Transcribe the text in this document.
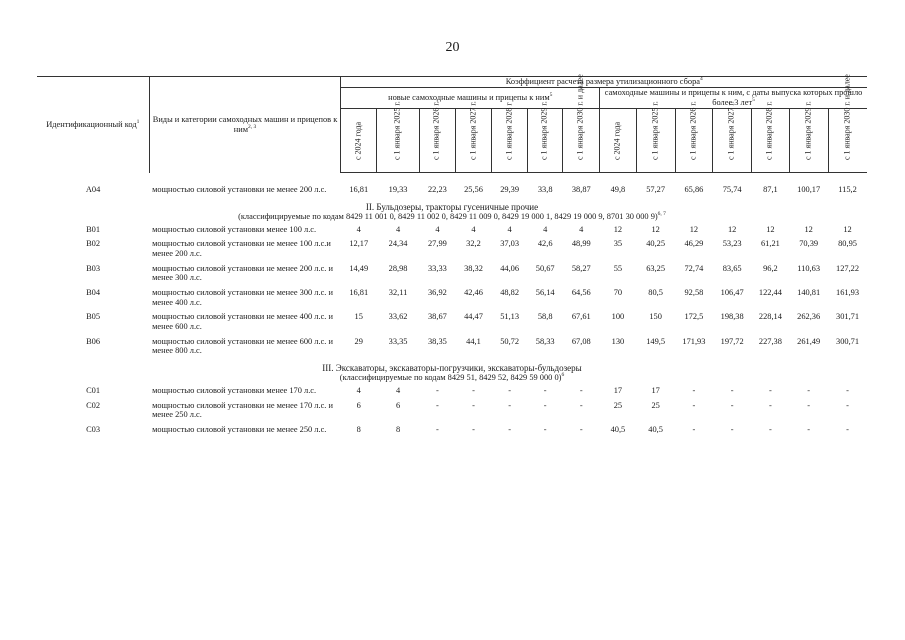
20
Идентификационный код$^1$	Виды и категории самоходных машин и прицепов к ним$^{2, 3}$	Коэффициент расчета размера утилизационного сбора$^4$
		новые самоходные машины и прицепы к ним$^5$							самоходные машины и прицепы к ним, с даты выпуска которых прошло более 3 лет$^5$

		с 2024 года	с 1 января 2025 г.	с 1 января 2026 г.	с 1 января 2027 г.	с 1 января 2028 г	с 1 января 2029 г.	с 1 января 2030 г. и далее	с 2024 года	с 1 января 2025 г.	с 1 января 2026 г.	с 1 января 2027 г.	с 1 января 2028 г.	с 1 января 2029 г.	с 1 января 2030 г. и далее

А04	мощностью силовой установки не менее 200 л.с.	16,81	19,33	22,23	25,56	29,39	33,8	38,87	49,8	57,27	65,86	75,74	87,1	100,17	115,2

II. Бульдозеры, тракторы гусеничные прочие
(классифицируемые по кодам 8429 11 001 0, 8429 11 002 0, 8429 11 009 0, 8429 19 000 1, 8429 19 000 9, 8701 30 000 9)$^{6, 7}$

В01	мощностью силовой установки менее 100 л.с.	4	4	4	4	4	4	4	12	12	12	12	12	12	12
В02	мощностью силовой установки не менее 100 л.с.и менее 200 л.с.	12,17	24,34	27,99	32,2	37,03	42,6	48,99	35	40,25	46,29	53,23	61,21	70,39	80,95
В03	мощностью силовой установки не менее 200 л.с. и менее 300 л.с.	14,49	28,98	33,33	38,32	44,06	50,67	58,27	55	63,25	72,74	83,65	96,2	110,63	127,22
В04	мощностью силовой установки не менее 300 л.с. и менее 400 л.с.	16,81	32,11	36,92	42,46	48,82	56,14	64,56	70	80,5	92,58	106,47	122,44	140,81	161,93
В05	мощностью силовой установки не менее 400 л.с. и менее 600 л.с.	15	33,62	38,67	44,47	51,13	58,8	67,61	100	150	172,5	198,38	228,14	262,36	301,71
В06	мощностью силовой установки не менее 600 л.с. и менее 800 л.с.	29	33,35	38,35	44,1	50,72	58,33	67,08	130	149,5	171,93	197,72	227,38	261,49	300,71

III. Экскаваторы, экскаваторы-погрузчики, экскаваторы-бульдозеры
(классифицируемые по кодам 8429 51, 8429 52, 8429 59 000 0)$^6$

С01	мощностью силовой установки менее 170 л.с.	4	4	-	-	-	-	-	17	17	-	-	-	-	-
С02	мощностью силовой установки не менее 170 л.с. и менее 250 л.с.	6	6	-	-	-	-	-	25	25	-	-	-	-	-
С03	мощностью силовой установки не менее 250 л.с.	8	8	-	-	-	-	-	40,5	40,5	-	-	-	-	-
